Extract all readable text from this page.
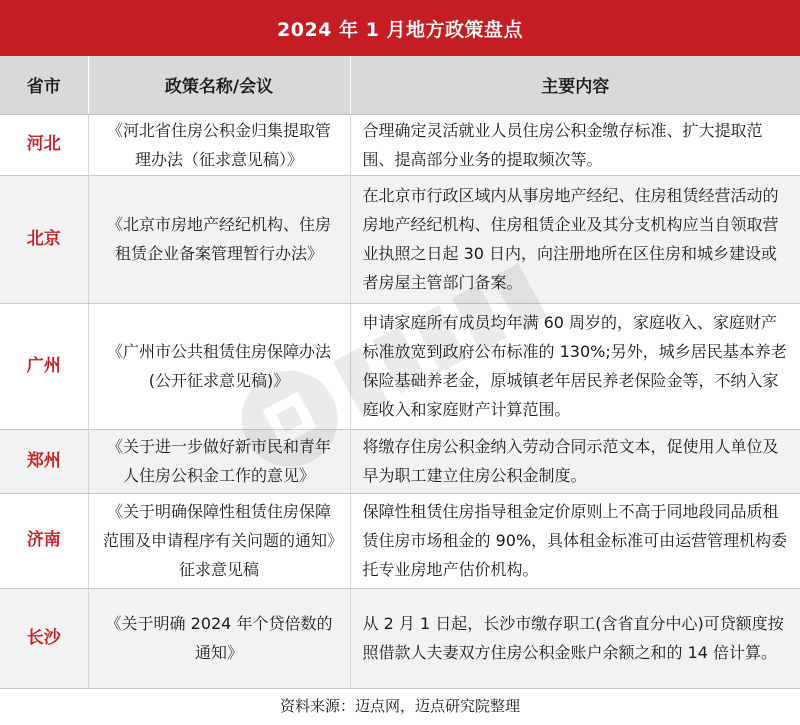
2024 年 1 月地方政策盘点
省市	政策名称/会议	主要内容
河北	《河北省住房公积金归集提取管理办法（征求意见稿）》	合理确定灵活就业人员住房公积金缴存标准、扩大提取范围、提高部分业务的提取频次等。
北京	《北京市房地产经纪机构、住房租赁企业备案管理暂行办法》	在北京市行政区域内从事房地产经纪、住房租赁经营活动的房地产经纪机构、住房租赁企业及其分支机构应当自领取营业执照之日起 30 日内，向注册地所在区住房和城乡建设或者房屋主管部门备案。
广州	《广州市公共租赁住房保障办法(公开征求意见稿)》	申请家庭所有成员均年满 60 周岁的，家庭收入、家庭财产标准放宽到政府公布标准的 130%;另外，城乡居民基本养老保险基础养老金，原城镇老年居民养老保险金等，不纳入家庭收入和家庭财产计算范围。
郑州	《关于进一步做好新市民和青年人住房公积金工作的意见》	将缴存住房公积金纳入劳动合同示范文本，促使用人单位及早为职工建立住房公积金制度。
济南	《关于明确保障性租赁住房保障范围及申请程序有关问题的通知》征求意见稿	保障性租赁住房指导租金定价原则上不高于同地段同品质租赁住房市场租金的 90%，具体租金标准可由运营管理机构委托专业房地产估价机构。
长沙	《关于明确 2024 年个贷倍数的通知》	从 2 月 1 日起，长沙市缴存职工(含省直分中心)可贷额度按照借款人夫妻双方住房公积金账户余额之和的 14 倍计算。
资料来源：迈点网，迈点研究院整理
